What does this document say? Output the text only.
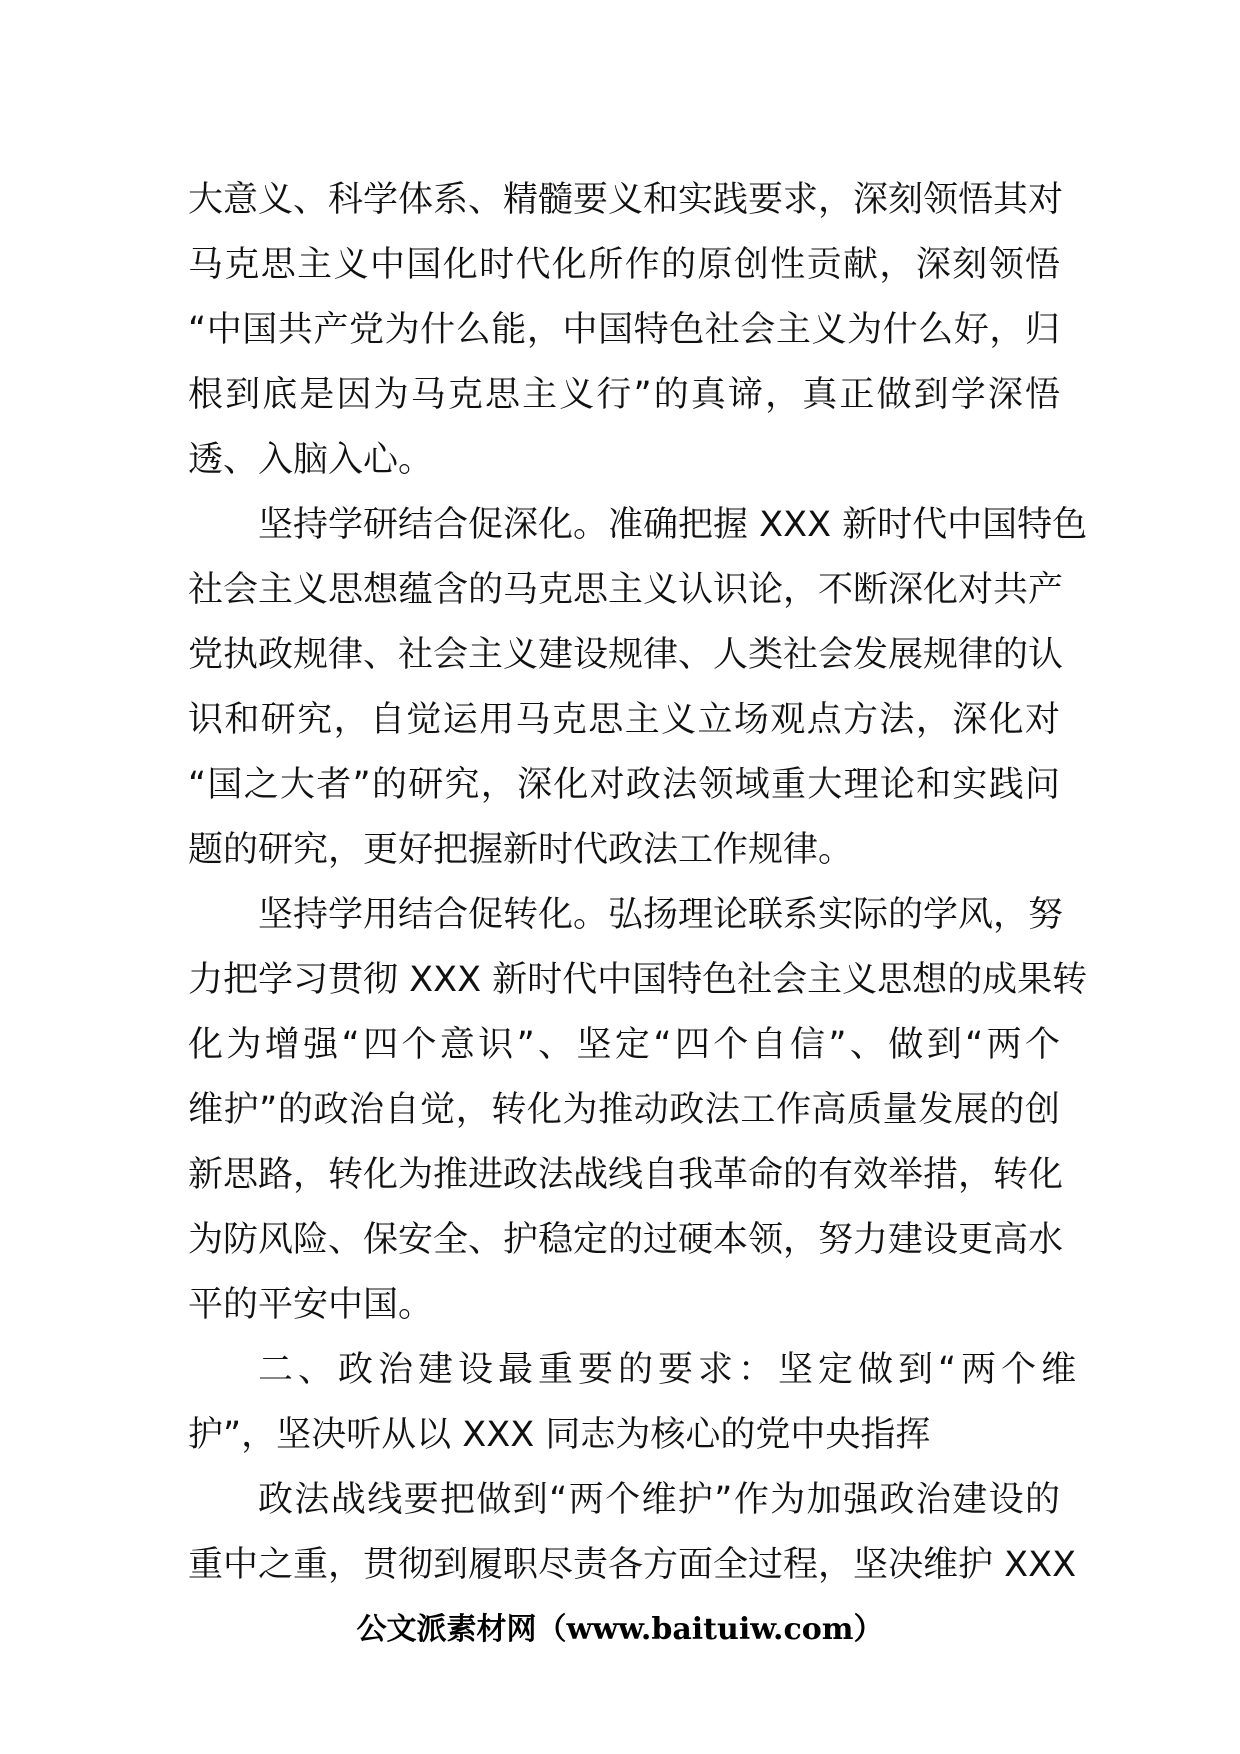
大意义、科学体系、精髓要义和实践要求，深刻领悟其对
马克思主义中国化时代化所作的原创性贡献，深刻领悟
“中国共产党为什么能，中国特色社会主义为什么好，归
根到底是因为马克思主义行”的真谛，真正做到学深悟
透、入脑入心。
坚持学研结合促深化。准确把握 XXX 新时代中国特色
社会主义思想蕴含的马克思主义认识论，不断深化对共产
党执政规律、社会主义建设规律、人类社会发展规律的认
识和研究，自觉运用马克思主义立场观点方法，深化对
“国之大者”的研究，深化对政法领域重大理论和实践问
题的研究，更好把握新时代政法工作规律。
坚持学用结合促转化。弘扬理论联系实际的学风，努
力把学习贯彻 XXX 新时代中国特色社会主义思想的成果转
化为增强“四个意识”、坚定“四个自信”、做到“两个
维护”的政治自觉，转化为推动政法工作高质量发展的创
新思路，转化为推进政法战线自我革命的有效举措，转化
为防风险、保安全、护稳定的过硬本领，努力建设更高水
平的平安中国。
二、政治建设最重要的要求：坚定做到“两个维
护”，坚决听从以 XXX 同志为核心的党中央指挥
政法战线要把做到“两个维护”作为加强政治建设的
重中之重，贯彻到履职尽责各方面全过程，坚决维护 XXX
公文派素材网（www.baituiw.com）
